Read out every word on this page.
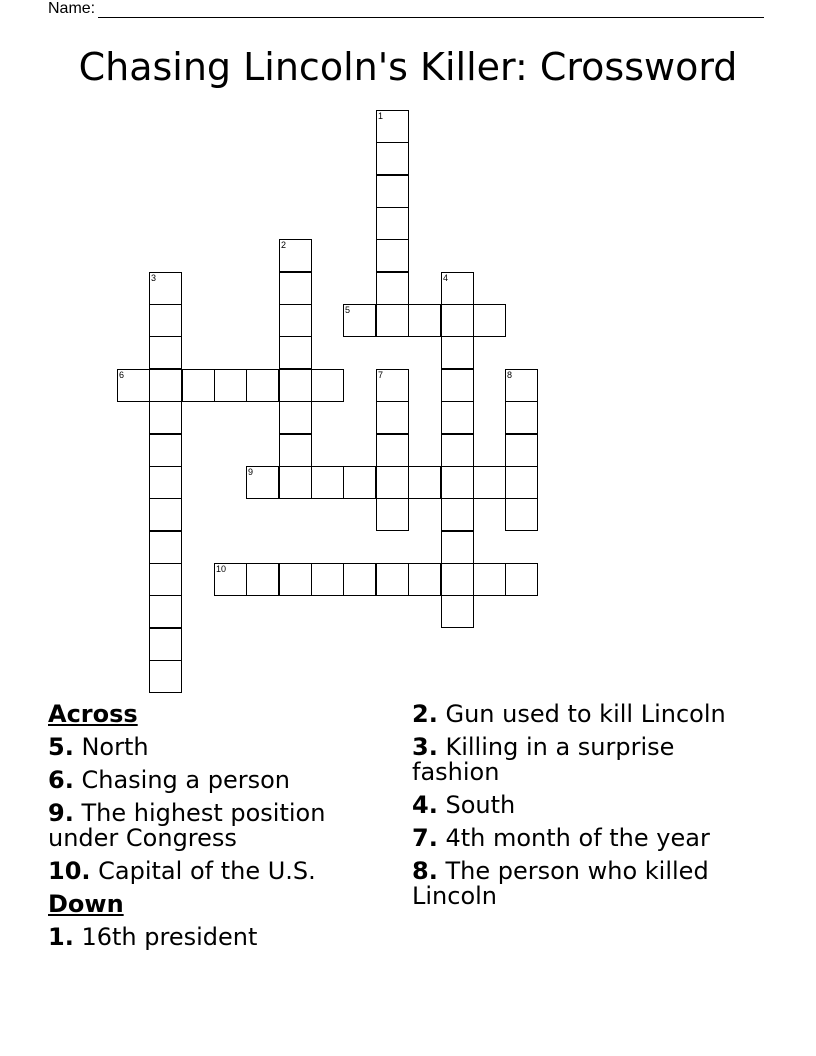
Name:
Chasing Lincoln's Killer: Crossword
1
2
3	4
5
6	7	8
9
10
Across
5. North
6. Chasing a person
9. The highest position under Congress
10. Capital of the U.S.
Down
1. 16th president
2. Gun used to kill Lincoln
3. Killing in a surprise fashion
4. South
7. 4th month of the year
8. The person who killed Lincoln
